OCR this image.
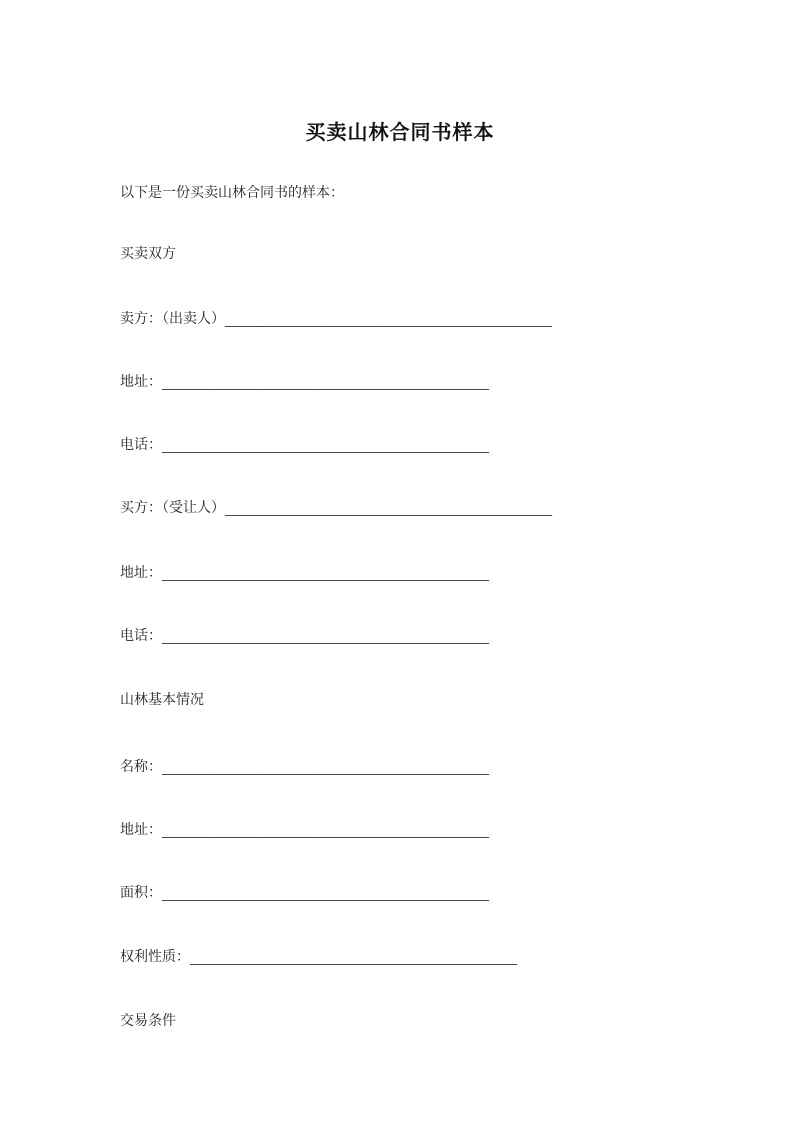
买卖山林合同书样本
以下是一份买卖山林合同书的样本：
买卖双方
卖方：（出卖人） __________________________________________
地址： __________________________________________
电话： __________________________________________
买方：（受让人） __________________________________________
地址： __________________________________________
电话： __________________________________________
山林基本情况
名称： __________________________________________
地址： __________________________________________
面积： __________________________________________
权利性质： __________________________________________
交易条件
